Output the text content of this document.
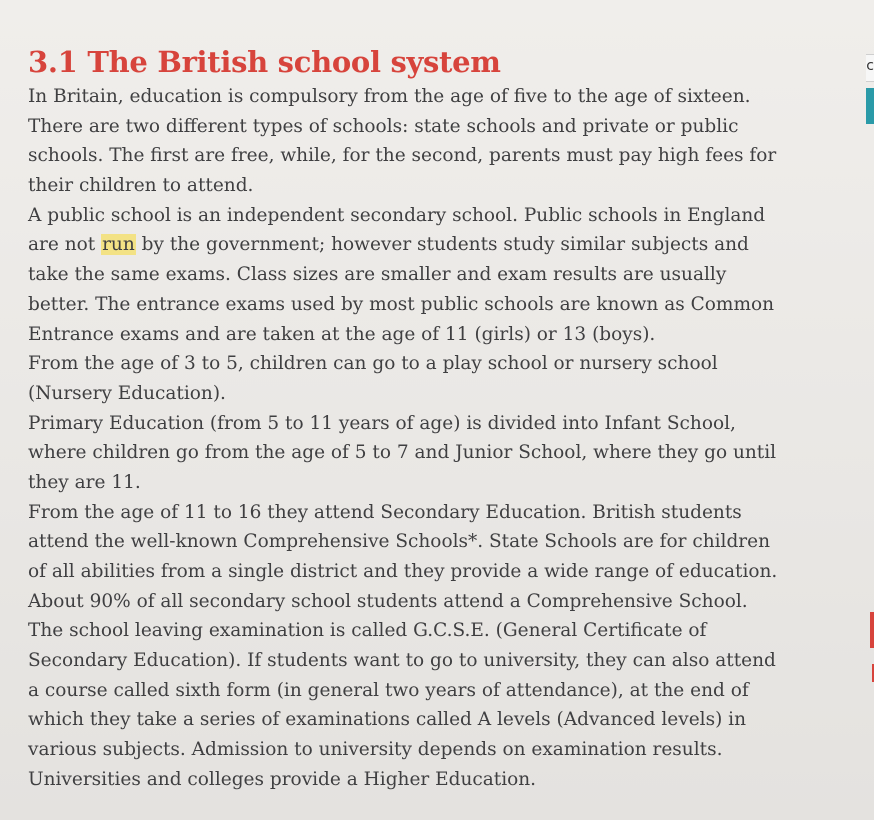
3.1 The British school system
In Britain, education is compulsory from the age of five to the age of sixteen.
There are two different types of schools: state schools and private or public
schools. The first are free, while, for the second, parents must pay high fees for
their children to attend.
A public school is an independent secondary school. Public schools in England
are not run by the government; however students study similar subjects and
take the same exams. Class sizes are smaller and exam results are usually
better. The entrance exams used by most public schools are known as Common
Entrance exams and are taken at the age of 11 (girls) or 13 (boys).
From the age of 3 to 5, children can go to a play school or nursery school
(Nursery Education).
Primary Education (from 5 to 11 years of age) is divided into Infant School,
where children go from the age of 5 to 7 and Junior School, where they go until
they are 11.
From the age of 11 to 16 they attend Secondary Education. British students
attend the well-known Comprehensive Schools*. State Schools are for children
of all abilities from a single district and they provide a wide range of education.
About 90% of all secondary school students attend a Comprehensive School.
The school leaving examination is called G.C.S.E. (General Certificate of
Secondary Education). If students want to go to university, they can also attend
a course called sixth form (in general two years of attendance), at the end of
which they take a series of examinations called A levels (Advanced levels) in
various subjects. Admission to university depends on examination results.
Universities and colleges provide a Higher Education.
c
